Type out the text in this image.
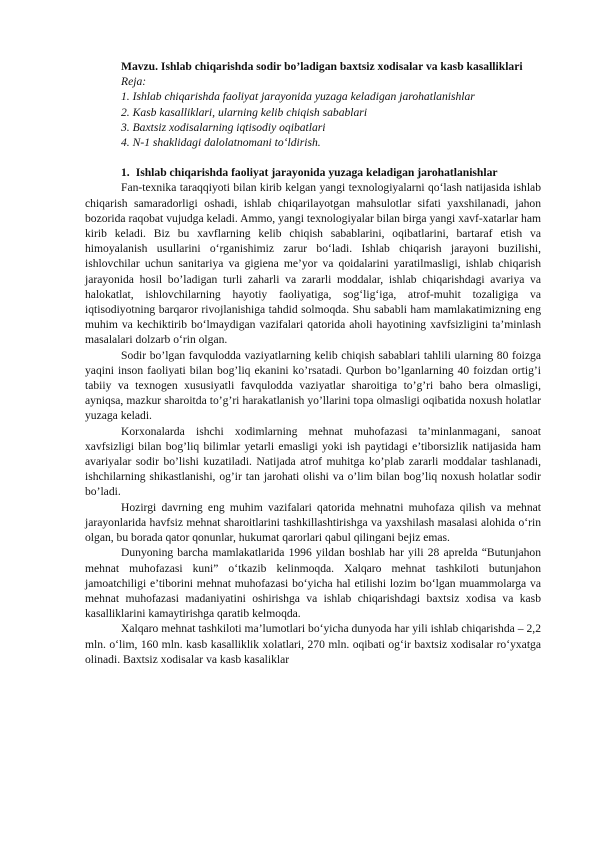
Mavzu. Ishlab chiqarishda sodir bo’ladigan baxtsiz xodisalar va kasb kasalliklari

Reja:

1. Ishlab chiqarishda faoliyat jarayonida yuzaga keladigan jarohatlanishlar

2. Kasb kasalliklari, ularning kelib chiqish sabablari

3. Baxtsiz xodisalarning iqtisodiy oqibatlari

4. N-1 shaklidagi dalolatnomani to‘ldirish.

1. Ishlab chiqarishda faoliyat jarayonida yuzaga keladigan jarohatlanishlar

Fan-texnika taraqqiyoti bilan kirib kelgan yangi texnologiyalarni qo‘lash natijasida ishlab chiqarish samaradorligi oshadi, ishlab chiqarilayotgan mahsulotlar sifati yaxshilanadi, jahon bozorida raqobat vujudga keladi. Ammo, yangi texnologiyalar bilan birga yangi xavf-xatarlar ham kirib keladi. Biz bu xavflarning kelib chiqish sabablarini, oqibatlarini, bartaraf etish va himoyalanish usullarini o‘rganishimiz zarur bo‘ladi. Ishlab chiqarish jarayoni buzilishi, ishlovchilar uchun sanitariya va gigiena me’yor va qoidalarini yaratilmasligi, ishlab chiqarish jarayonida hosil bo’ladigan turli zaharli va zararli moddalar, ishlab chiqarishdagi avariya va halokatlat, ishlovchilarning hayotiy faoliyatiga, sog‘lig‘iga, atrof-muhit tozaligiga va iqtisodiyotning barqaror rivojlanishiga tahdid solmoqda. Shu sababli ham mamlakatimizning eng muhim va kechiktirib bo‘lmaydigan vazifalari qatorida aholi hayotining xavfsizligini ta’minlash masalalari dolzarb o‘rin olgan.

Sodir bo’lgan favqulodda vaziyatlarning kelib chiqish sabablari tahlili ularning 80 foizga yaqini inson faoliyati bilan bog’liq ekanini ko’rsatadi. Qurbon bo’lganlarning 40 foizdan ortig’i tabiiy va texnogen xususiyatli favqulodda vaziyatlar sharoitiga to’g’ri baho bera olmasligi, ayniqsa, mazkur sharoitda to’g’ri harakatlanish yo’llarini topa olmasligi oqibatida noxush holatlar yuzaga keladi.

Korxonalarda ishchi xodimlarning mehnat muhofazasi ta’minlanmagani, sanoat xavfsizligi bilan bog’liq bilimlar yetarli emasligi yoki ish paytidagi e’tiborsizlik natijasida ham avariyalar sodir bo’lishi kuzatiladi. Natijada atrof muhitga ko’plab zararli moddalar tashlanadi, ishchilarning shikastlanishi, og’ir tan jarohati olishi va o’lim bilan bog’liq noxush holatlar sodir bo’ladi.

Hozirgi davrning eng muhim vazifalari qatorida mehnatni muhofaza qilish va mehnat jarayonlarida havfsiz mehnat sharoitlarini tashkillashtirishga va yaxshilash masalasi alohida o‘rin olgan, bu borada qator qonunlar, hukumat qarorlari qabul qilingani bejiz emas.

Dunyoning barcha mamlakatlarida 1996 yildan boshlab har yili 28 aprelda “Butunjahon mehnat muhofazasi kuni” o‘tkazib kelinmoqda. Xalqaro mehnat tashkiloti butunjahon jamoatchiligi e’tiborini mehnat muhofazasi bo‘yicha hal etilishi lozim bo‘lgan muammolarga va mehnat muhofazasi madaniyatini oshirishga va ishlab chiqarishdagi baxtsiz xodisa va kasb kasalliklarini kamaytirishga qaratib kelmoqda.

Xalqaro mehnat tashkiloti ma’lumotlari bo‘yicha dunyoda har yili ishlab chiqarishda – 2,2 mln. o‘lim, 160 mln. kasb kasalliklik xolatlari, 270 mln. oqibati og‘ir baxtsiz xodisalar ro‘yxatga olinadi. Baxtsiz xodisalar va kasb kasaliklar
